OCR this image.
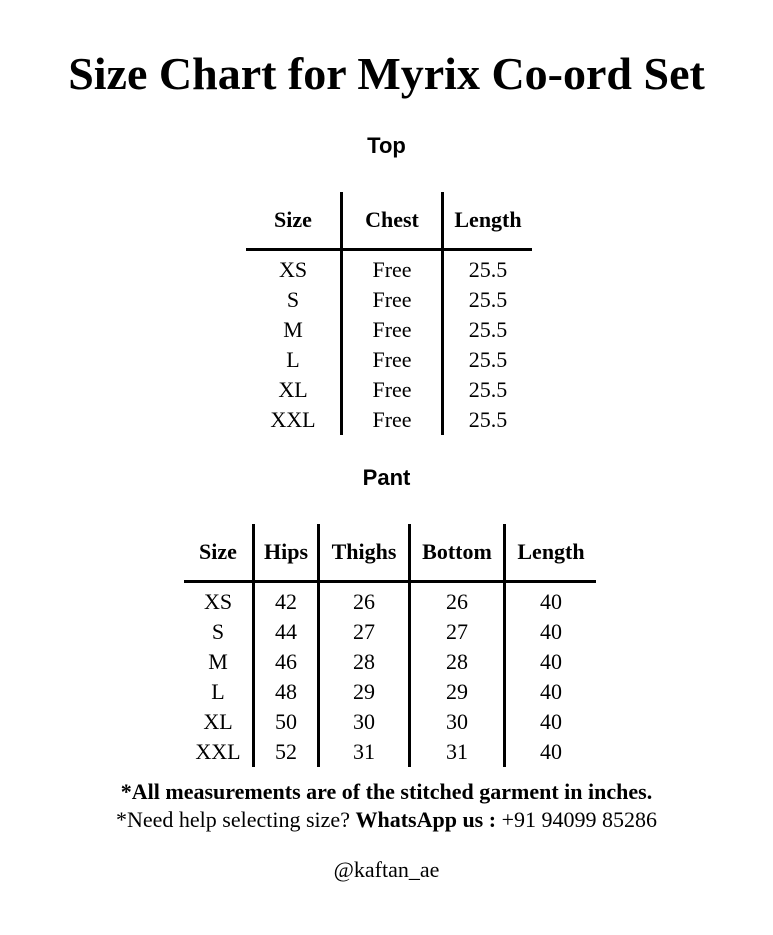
Size Chart for Myrix Co-ord Set
Top
Size	Chest	Length
XS	Free	25.5
S	Free	25.5
M	Free	25.5
L	Free	25.5
XL	Free	25.5
XXL	Free	25.5
Pant
Size	Hips	Thighs	Bottom	Length
XS	42	26	26	40
S	44	27	27	40
M	46	28	28	40
L	48	29	29	40
XL	50	30	30	40
XXL	52	31	31	40

*All measurements are of the stitched garment in inches.

*Need help selecting size? WhatsApp us : +91 94099 85286

@kaftan_ae
